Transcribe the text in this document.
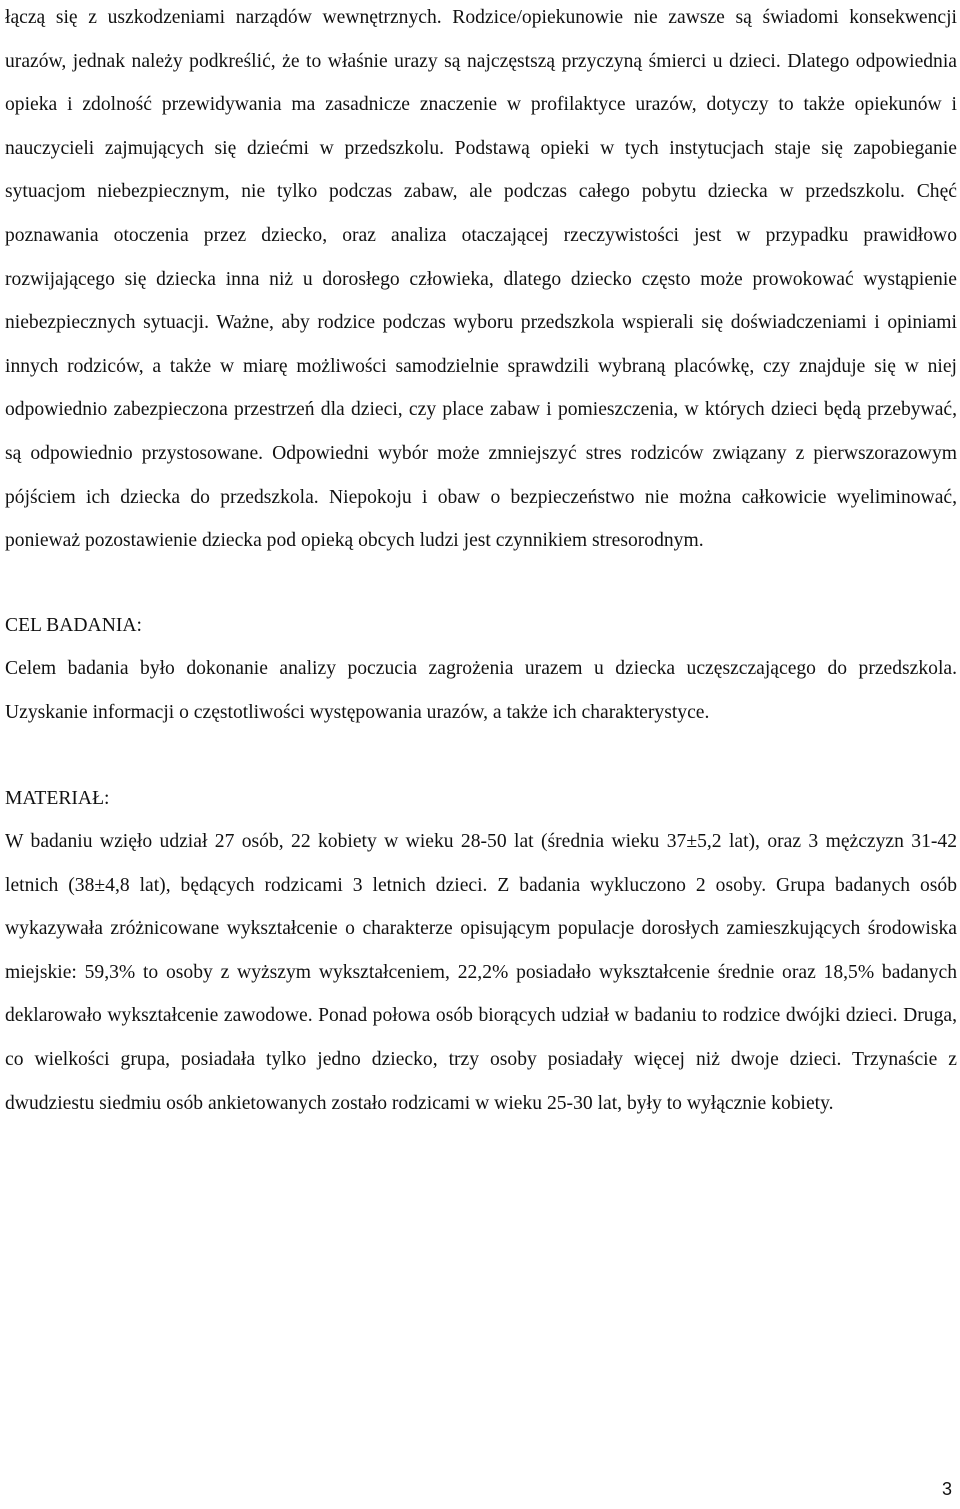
łączą się z uszkodzeniami narządów wewnętrznych. Rodzice/opiekunowie nie zawsze są świadomi konsekwencji urazów, jednak należy podkreślić, że to właśnie urazy są najczęstszą przyczyną śmierci u dzieci. Dlatego odpowiednia opieka i zdolność przewidywania ma zasadnicze znaczenie w profilaktyce urazów, dotyczy to także opiekunów i nauczycieli zajmujących się dziećmi w przedszkolu. Podstawą opieki w tych instytucjach staje się zapobieganie sytuacjom niebezpiecznym, nie tylko podczas zabaw, ale podczas całego pobytu dziecka w przedszkolu. Chęć poznawania otoczenia przez dziecko, oraz analiza otaczającej rzeczywistości jest w przypadku prawidłowo rozwijającego się dziecka inna niż u dorosłego człowieka, dlatego dziecko często może prowokować wystąpienie niebezpiecznych sytuacji. Ważne, aby rodzice podczas wyboru przedszkola wspierali się doświadczeniami i opiniami innych rodziców, a także w miarę możliwości samodzielnie sprawdzili wybraną placówkę, czy znajduje się w niej odpowiednio zabezpieczona przestrzeń dla dzieci, czy place zabaw i pomieszczenia, w których dzieci będą przebywać, są odpowiednio przystosowane. Odpowiedni wybór może zmniejszyć stres rodziców związany z pierwszorazowym pójściem ich dziecka do przedszkola. Niepokoju i obaw o bezpieczeństwo nie można całkowicie wyeliminować, ponieważ pozostawienie dziecka pod opieką obcych ludzi jest czynnikiem stresorodnym.

CEL BADANIA:

Celem badania było dokonanie analizy poczucia zagrożenia urazem u dziecka uczęszczającego do przedszkola. Uzyskanie informacji o częstotliwości występowania urazów, a także ich charakterystyce.

MATERIAŁ:

W badaniu wzięło udział 27 osób, 22 kobiety w wieku 28-50 lat (średnia wieku 37±5,2 lat), oraz 3 mężczyzn 31-42 letnich (38±4,8 lat), będących rodzicami 3 letnich dzieci. Z badania wykluczono 2 osoby. Grupa badanych osób wykazywała zróżnicowane wykształcenie o charakterze opisującym populacje dorosłych zamieszkujących środowiska miejskie: 59,3% to osoby z wyższym wykształceniem, 22,2% posiadało wykształcenie średnie oraz 18,5% badanych deklarowało wykształcenie zawodowe. Ponad połowa osób biorących udział w badaniu to rodzice dwójki dzieci. Druga, co wielkości grupa, posiadała tylko jedno dziecko, trzy osoby posiadały więcej niż dwoje dzieci. Trzynaście z dwudziestu siedmiu osób ankietowanych zostało rodzicami w wieku 25-30 lat, były to wyłącznie kobiety.

3
